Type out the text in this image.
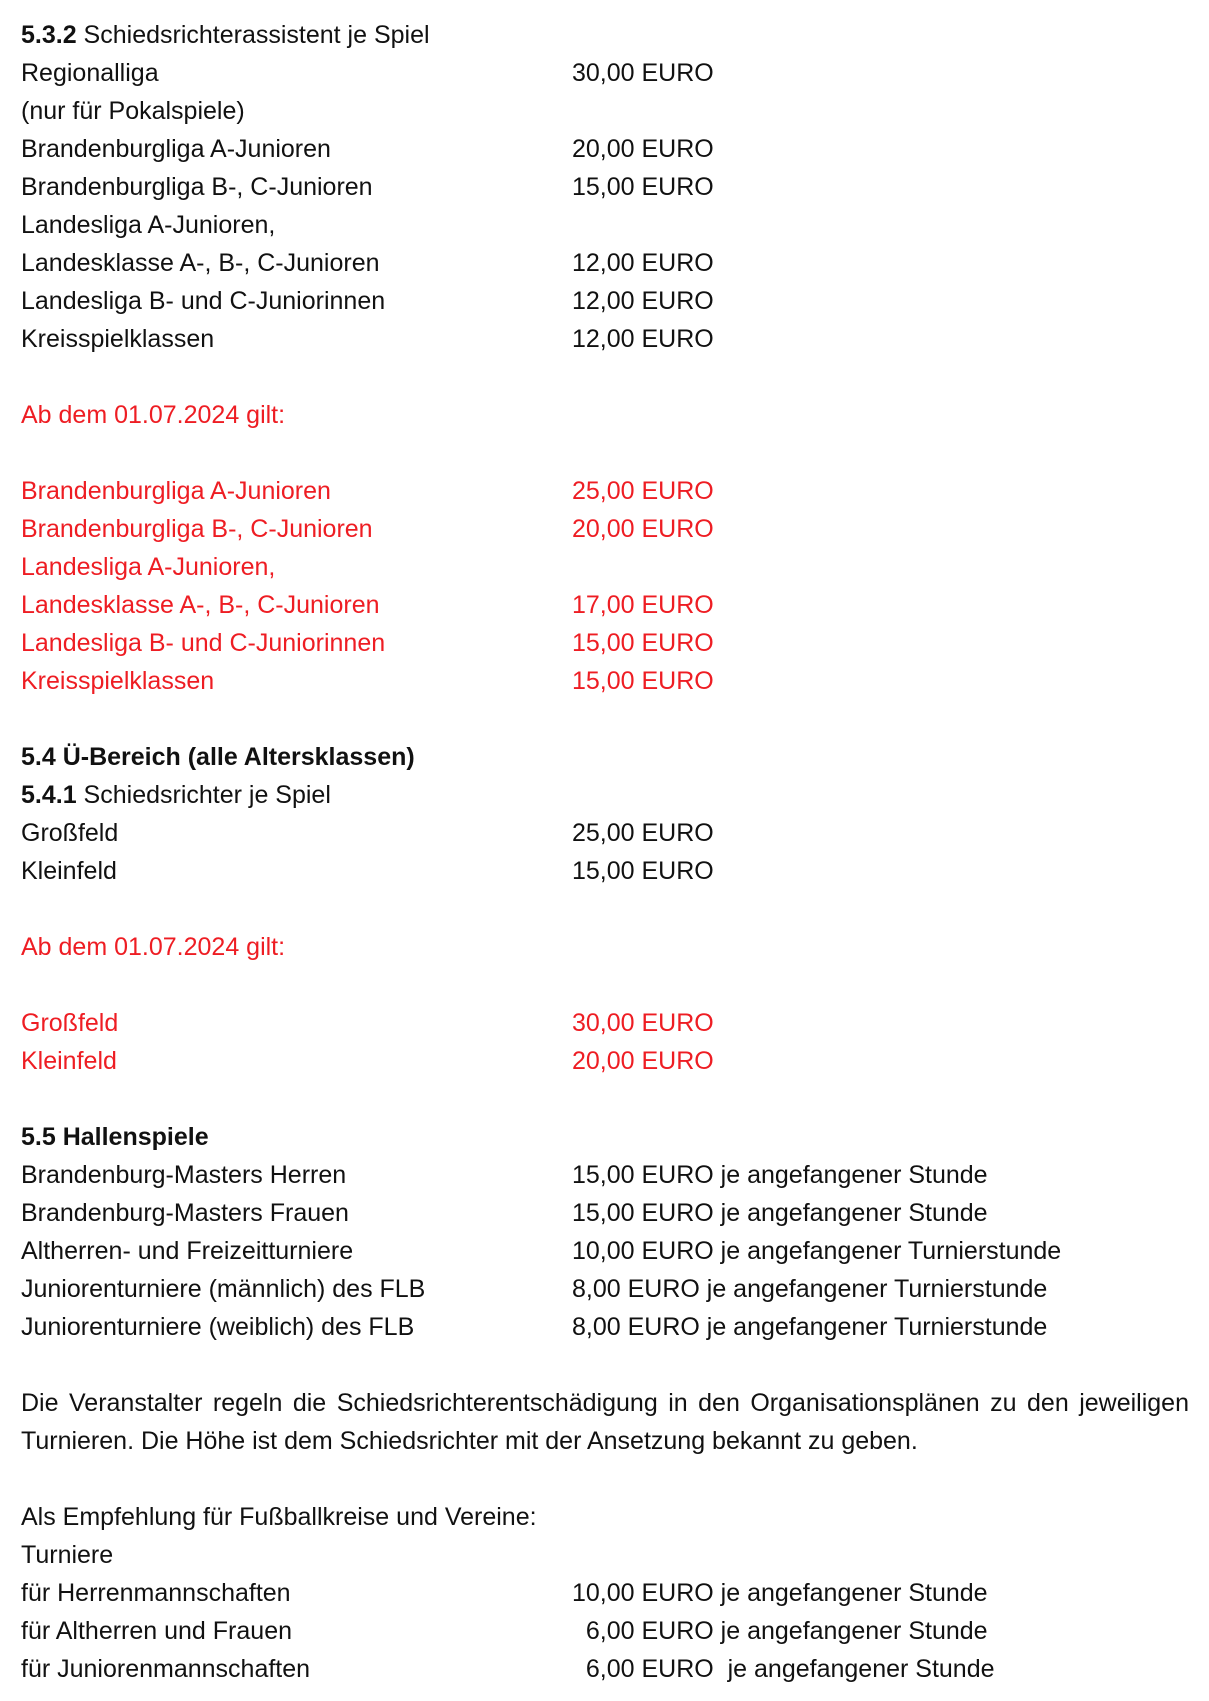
5.3.2 Schiedsrichterassistent je Spiel
Regionalliga	30,00 EURO
(nur für Pokalspiele)
Brandenburgliga A-Junioren	20,00 EURO
Brandenburgliga B-, C-Junioren	15,00 EURO
Landesliga A-Junioren,
Landesklasse A-, B-, C-Junioren	12,00 EURO
Landesliga B- und C-Juniorinnen	12,00 EURO
Kreisspielklassen	12,00 EURO
Ab dem 01.07.2024 gilt:
Brandenburgliga A-Junioren	25,00 EURO
Brandenburgliga B-, C-Junioren	20,00 EURO
Landesliga A-Junioren,
Landesklasse A-, B-, C-Junioren	17,00 EURO
Landesliga B- und C-Juniorinnen	15,00 EURO
Kreisspielklassen	15,00 EURO
5.4 Ü-Bereich (alle Altersklassen)
5.4.1 Schiedsrichter je Spiel
Großfeld	25,00 EURO
Kleinfeld	15,00 EURO
Ab dem 01.07.2024 gilt:
Großfeld	30,00 EURO
Kleinfeld	20,00 EURO
5.5 Hallenspiele
Brandenburg-Masters Herren	15,00 EURO je angefangener Stunde
Brandenburg-Masters Frauen	15,00 EURO je angefangener Stunde
Altherren- und Freizeitturniere	10,00 EURO je angefangener Turnierstunde
Juniorenturniere (männlich) des FLB	8,00 EURO je angefangener Turnierstunde
Juniorenturniere (weiblich) des FLB	8,00 EURO je angefangener Turnierstunde
Die Veranstalter regeln die Schiedsrichterentschädigung in den Organisationsplänen zu den jeweiligen Turnieren. Die Höhe ist dem Schiedsrichter mit der Ansetzung bekannt zu geben.
Als Empfehlung für Fußballkreise und Vereine:
Turniere
für Herrenmannschaften	10,00 EURO je angefangener Stunde
für Altherren und Frauen	6,00 EURO je angefangener Stunde
für Juniorenmannschaften	6,00 EURO  je angefangener Stunde
